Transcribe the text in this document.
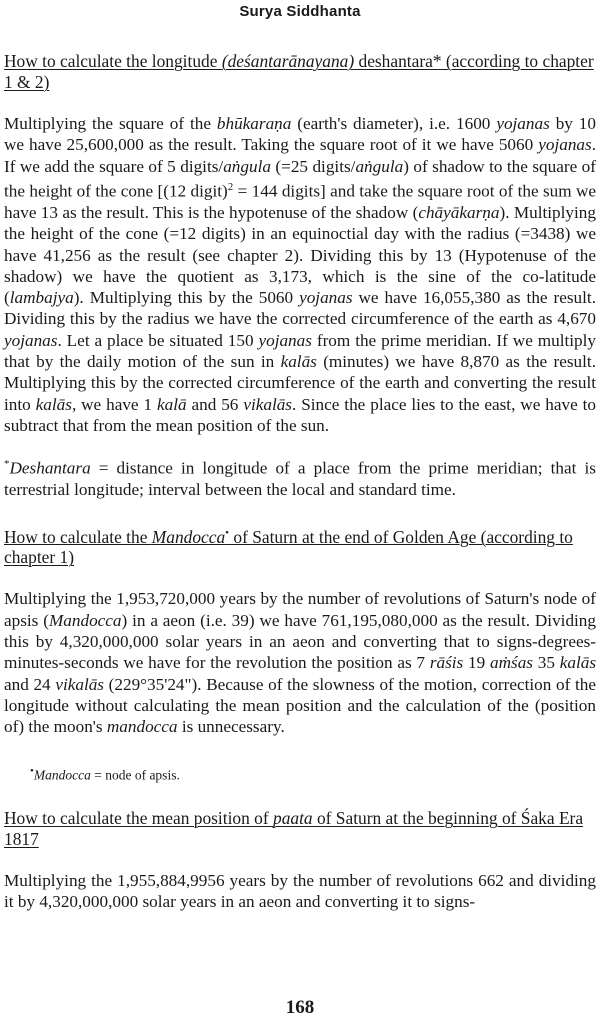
Surya Siddhanta
How to calculate the longitude (deśantarānayana) deshantara* (according to chapter 1 & 2)

Multiplying the square of the bhūkaraṇa (earth's diameter), i.e. 1600 yojanas by 10 we have 25,600,000 as the result. Taking the square root of it we have 5060 yojanas. If we add the square of 5 digits/aṅgula (=25 digits/aṅgula) of shadow to the square of the height of the cone [(12 digit)$^2$ = 144 digits] and take the square root of the sum we have 13 as the result. This is the hypotenuse of the shadow (chāyākarṇa). Multiplying the height of the cone (=12 digits) in an equinoctial day with the radius (=3438) we have 41,256 as the result (see chapter 2). Dividing this by 13 (Hypotenuse of the shadow) we have the quotient as 3,173, which is the sine of the co-latitude (lambajya). Multiplying this by the 5060 yojanas we have 16,055,380 as the result. Dividing this by the radius we have the corrected circumference of the earth as 4,670 yojanas. Let a place be situated 150 yojanas from the prime meridian. If we multiply that by the daily motion of the sun in kalās (minutes) we have 8,870 as the result. Multiplying this by the corrected circumference of the earth and converting the result into kalās, we have 1 kalā and 56 vikalās. Since the place lies to the east, we have to subtract that from the mean position of the sun.

*Deshantara = distance in longitude of a place from the prime meridian; that is terrestrial longitude; interval between the local and standard time.

How to calculate the Mandocca• of Saturn at the end of Golden Age (according to chapter 1)

Multiplying the 1,953,720,000 years by the number of revolutions of Saturn's node of apsis (Mandocca) in a aeon (i.e. 39) we have 761,195,080,000 as the result. Dividing this by 4,320,000,000 solar years in an aeon and converting that to signs-degrees-minutes-seconds we have for the revolution the position as 7 rāśis 19 aṁśas 35 kalās and 24 vikalās (229°35'24"). Because of the slowness of the motion, correction of the longitude without calculating the mean position and the calculation of the (position of) the moon's mandocca is unnecessary.

•Mandocca = node of apsis.

How to calculate the mean position of paata of Saturn at the beginning of Śaka Era 1817

Multiplying the 1,955,884,9956 years by the number of revolutions 662 and dividing it by 4,320,000,000 solar years in an aeon and converting it to signs-

168
